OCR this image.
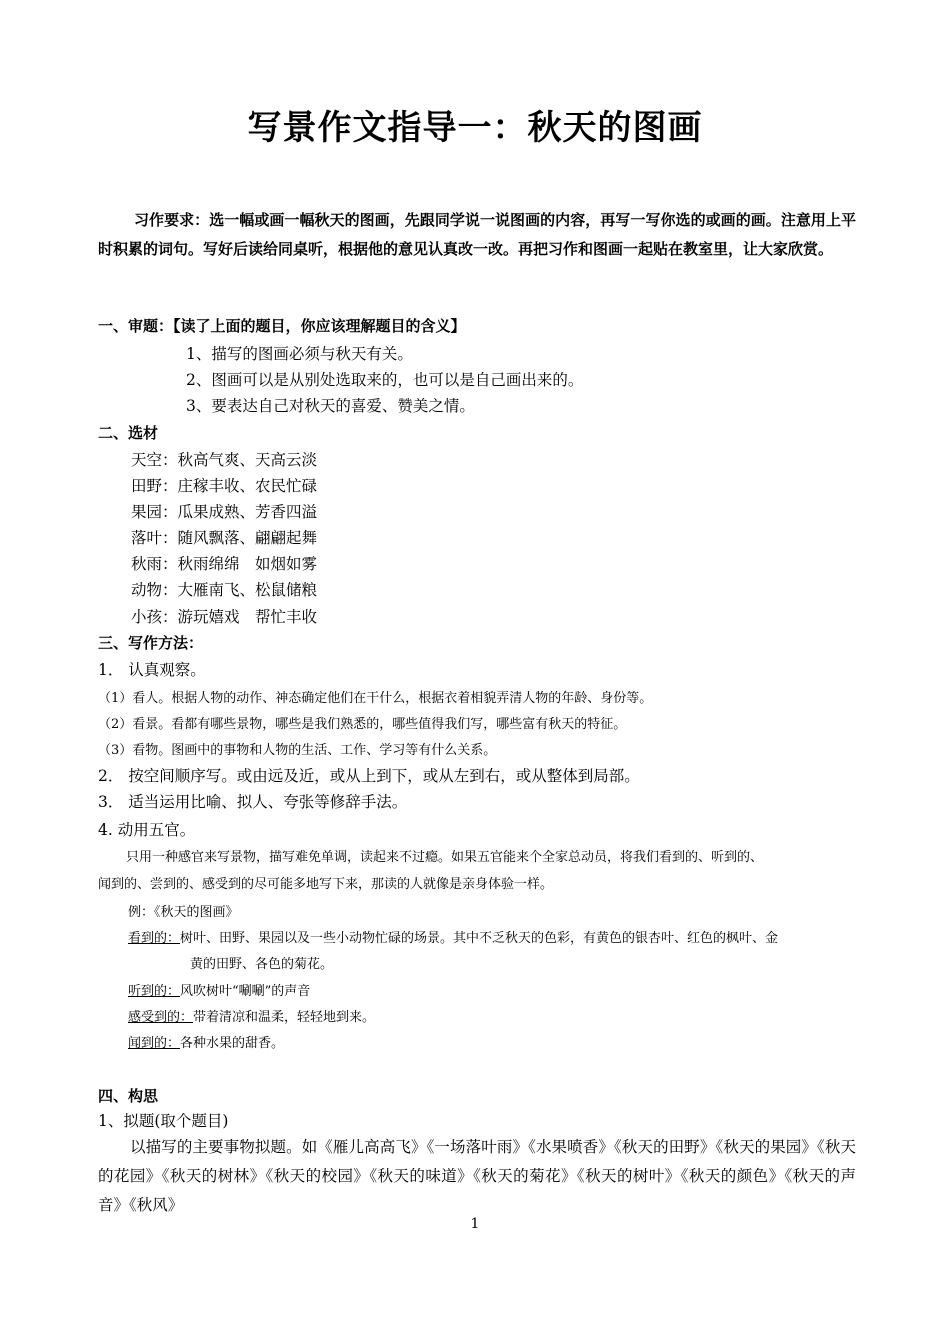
写景作文指导一：秋天的图画
习作要求：选一幅或画一幅秋天的图画，先跟同学说一说图画的内容，再写一写你选的或画的画。注意用上平时积累的词句。写好后读给同桌听，根据他的意见认真改一改。再把习作和图画一起贴在教室里，让大家欣赏。
一、审题：【读了上面的题目，你应该理解题目的含义】
1、描写的图画必须与秋天有关。
2、图画可以是从别处选取来的，也可以是自己画出来的。
3、要表达自己对秋天的喜爱、赞美之情。
二、选材
天空：秋高气爽、天高云淡
田野：庄稼丰收、农民忙碌
果园：瓜果成熟、芳香四溢
落叶：随风飘落、翩翩起舞
秋雨：秋雨绵绵　如烟如雾
动物：大雁南飞、松鼠储粮
小孩：游玩嬉戏　帮忙丰收
三、写作方法：
1． 认真观察。
（1）看人。根据人物的动作、神态确定他们在干什么，根据衣着相貌弄清人物的年龄、身份等。
（2）看景。看都有哪些景物，哪些是我们熟悉的，哪些值得我们写，哪些富有秋天的特征。
（3）看物。图画中的事物和人物的生活、工作、学习等有什么关系。
2． 按空间顺序写。或由远及近，或从上到下，或从左到右，或从整体到局部。
3． 适当运用比喻、拟人、夸张等修辞手法。
4. 动用五官。
只用一种感官来写景物，描写难免单调，读起来不过瘾。如果五官能来个全家总动员，将我们看到的、听到的、
闻到的、尝到的、感受到的尽可能多地写下来，那读的人就像是亲身体验一样。
例：《秋天的图画》
看到的：树叶、田野、果园以及一些小动物忙碌的场景。其中不乏秋天的色彩，有黄色的银杏叶、红色的枫叶、金
黄的田野、各色的菊花。
听到的：风吹树叶“唰唰”的声音
感受到的：带着清凉和温柔，轻轻地到来。
闻到的：各种水果的甜香。
四、构思
1、拟题(取个题目)
以描写的主要事物拟题。如《雁儿高高飞》《一场落叶雨》《水果喷香》《秋天的田野》《秋天的果园》《秋天的花园》《秋天的树林》《秋天的校园》《秋天的味道》《秋天的菊花》《秋天的树叶》《秋天的颜色》《秋天的声音》《秋风》
1
